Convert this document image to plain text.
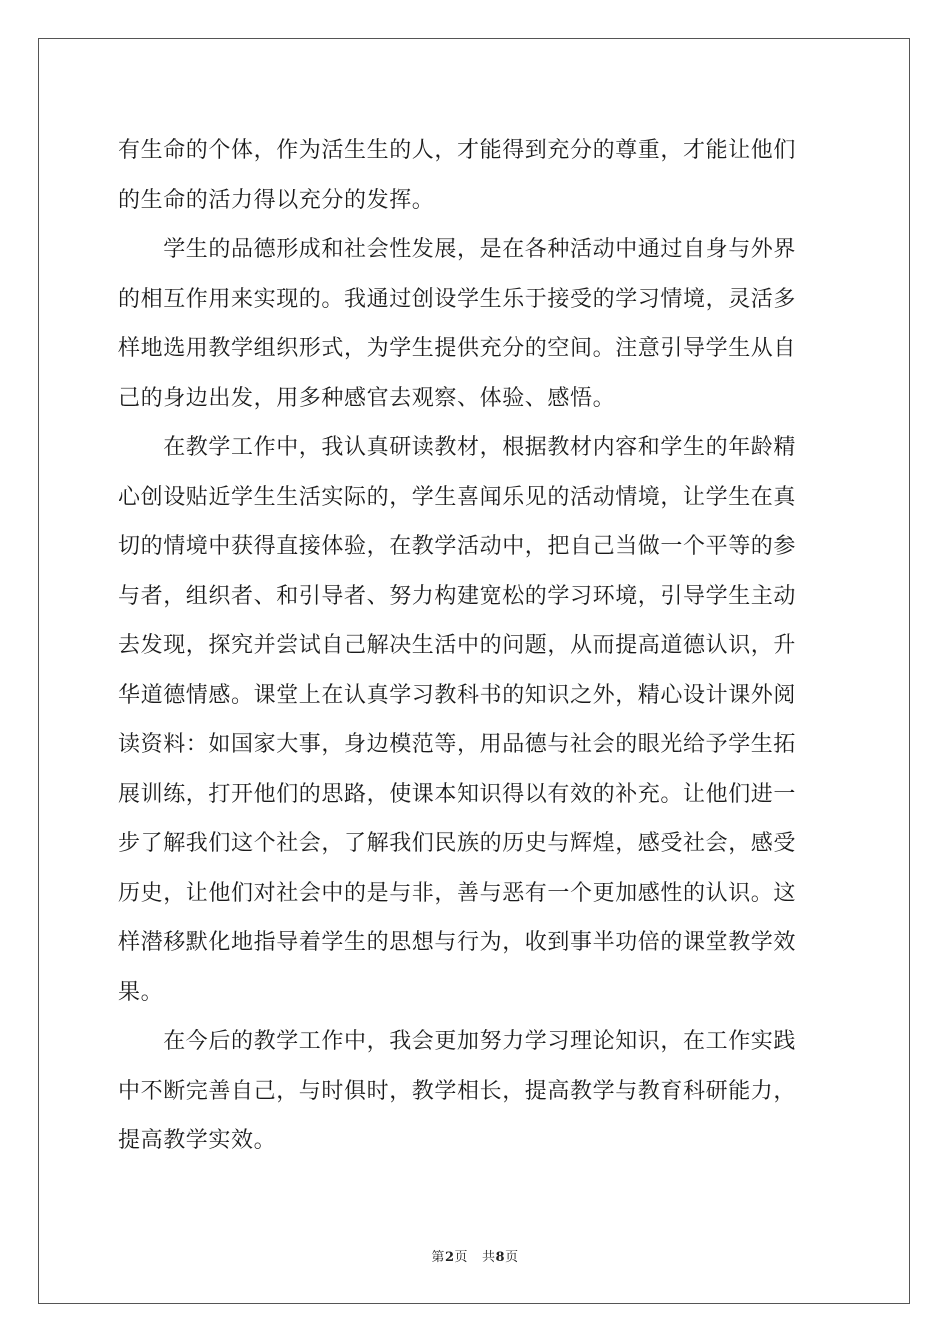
有生命的个体，作为活生生的人，才能得到充分的尊重，才能让他们
的生命的活力得以充分的发挥。

　　学生的品德形成和社会性发展，是在各种活动中通过自身与外界
的相互作用来实现的。我通过创设学生乐于接受的学习情境，灵活多
样地选用教学组织形式，为学生提供充分的空间。注意引导学生从自
己的身边出发，用多种感官去观察、体验、感悟。

　　在教学工作中，我认真研读教材，根据教材内容和学生的年龄精
心创设贴近学生生活实际的，学生喜闻乐见的活动情境，让学生在真
切的情境中获得直接体验，在教学活动中，把自己当做一个平等的参
与者，组织者、和引导者、努力构建宽松的学习环境，引导学生主动
去发现，探究并尝试自己解决生活中的问题，从而提高道德认识，升
华道德情感。课堂上在认真学习教科书的知识之外，精心设计课外阅
读资料：如国家大事，身边模范等，用品德与社会的眼光给予学生拓
展训练，打开他们的思路，使课本知识得以有效的补充。让他们进一
步了解我们这个社会，了解我们民族的历史与辉煌，感受社会，感受
历史，让他们对社会中的是与非，善与恶有一个更加感性的认识。这
样潜移默化地指导着学生的思想与行为，收到事半功倍的课堂教学效
果。

　　在今后的教学工作中，我会更加努力学习理论知识，在工作实践
中不断完善自己，与时俱时，教学相长，提高教学与教育科研能力，
提高教学实效。

第2页 共8页
